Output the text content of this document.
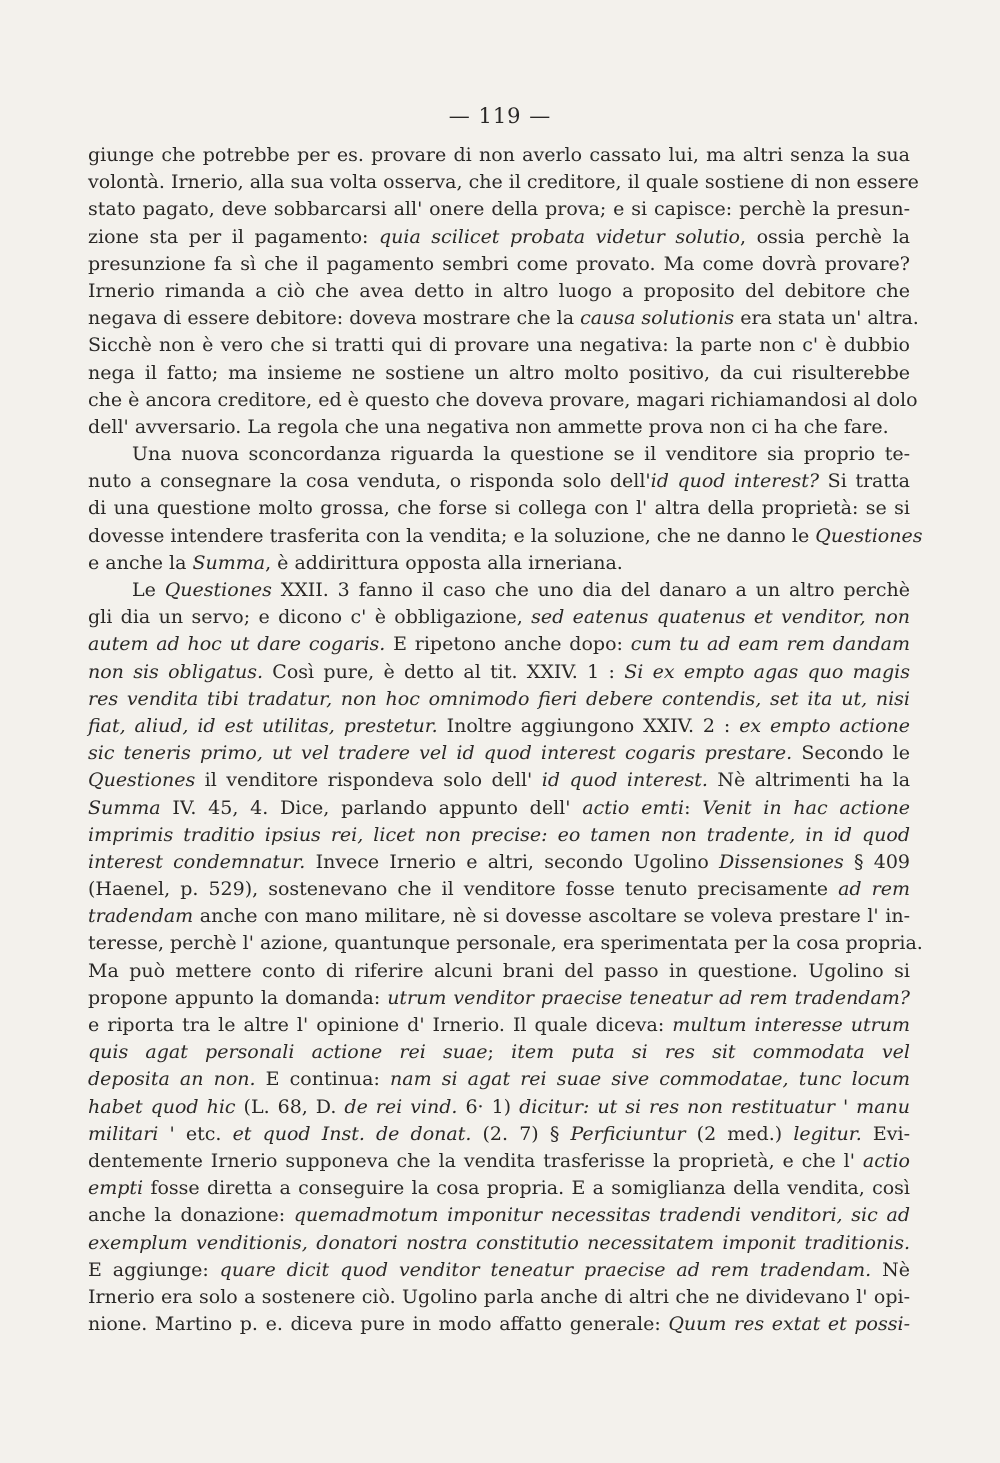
— 119 —
giunge che potrebbe per es. provare di non averlo cassato lui, ma altri senza la sua
volontà. Irnerio, alla sua volta osserva, che il creditore, il quale sostiene di non essere
stato pagato, deve sobbarcarsi all' onere della prova; e si capisce: perchè la presun-
zione sta per il pagamento: quia scilicet probata videtur solutio, ossia perchè la
presunzione fa sì che il pagamento sembri come provato. Ma come dovrà provare?
Irnerio rimanda a ciò che avea detto in altro luogo a proposito del debitore che
negava di essere debitore: doveva mostrare che la causa solutionis era stata un' altra.
Sicchè non è vero che si tratti qui di provare una negativa: la parte non c' è dubbio
nega il fatto; ma insieme ne sostiene un altro molto positivo, da cui risulterebbe
che è ancora creditore, ed è questo che doveva provare, magari richiamandosi al dolo
dell' avversario. La regola che una negativa non ammette prova non ci ha che fare.
Una nuova sconcordanza riguarda la questione se il venditore sia proprio te-
nuto a consegnare la cosa venduta, o risponda solo dell'id quod interest? Si tratta
di una questione molto grossa, che forse si collega con l' altra della proprietà: se si
dovesse intendere trasferita con la vendita; e la soluzione, che ne danno le Questiones
e anche la Summa, è addirittura opposta alla irneriana.
Le Questiones XXII. 3 fanno il caso che uno dia del danaro a un altro perchè
gli dia un servo; e dicono c' è obbligazione, sed eatenus quatenus et venditor, non
autem ad hoc ut dare cogaris. E ripetono anche dopo: cum tu ad eam rem dandam
non sis obligatus. Così pure, è detto al tit. XXIV. 1 : Si ex empto agas quo magis
res vendita tibi tradatur, non hoc omnimodo fieri debere contendis, set ita ut, nisi
fiat, aliud, id est utilitas, prestetur. Inoltre aggiungono XXIV. 2 : ex empto actione
sic teneris primo, ut vel tradere vel id quod interest cogaris prestare. Secondo le
Questiones il venditore rispondeva solo dell' id quod interest. Nè altrimenti ha la
Summa IV. 45, 4. Dice, parlando appunto dell' actio emti: Venit in hac actione
imprimis traditio ipsius rei, licet non precise: eo tamen non tradente, in id quod
interest condemnatur. Invece Irnerio e altri, secondo Ugolino Dissensiones § 409
(Haenel, p. 529), sostenevano che il venditore fosse tenuto precisamente ad rem
tradendam anche con mano militare, nè si dovesse ascoltare se voleva prestare l' in-
teresse, perchè l' azione, quantunque personale, era sperimentata per la cosa propria.
Ma può mettere conto di riferire alcuni brani del passo in questione. Ugolino si
propone appunto la domanda: utrum venditor praecise teneatur ad rem tradendam?
e riporta tra le altre l' opinione d' Irnerio. Il quale diceva: multum interesse utrum
quis agat personali actione rei suae; item puta si res sit commodata vel
deposita an non. E continua: nam si agat rei suae sive commodatae, tunc locum
habet quod hic (L. 68, D. de rei vind. 6· 1) dicitur: ut si res non restituatur ' manu
militari ' etc. et quod Inst. de donat. (2. 7) § Perficiuntur (2 med.) legitur. Evi-
dentemente Irnerio supponeva che la vendita trasferisse la proprietà, e che l' actio
empti fosse diretta a conseguire la cosa propria. E a somiglianza della vendita, così
anche la donazione: quemadmotum imponitur necessitas tradendi venditori, sic ad
exemplum venditionis, donatori nostra constitutio necessitatem imponit traditionis.
E aggiunge: quare dicit quod venditor teneatur praecise ad rem tradendam. Nè
Irnerio era solo a sostenere ciò. Ugolino parla anche di altri che ne dividevano l' opi-
nione. Martino p. e. diceva pure in modo affatto generale: Quum res extat et possi-
